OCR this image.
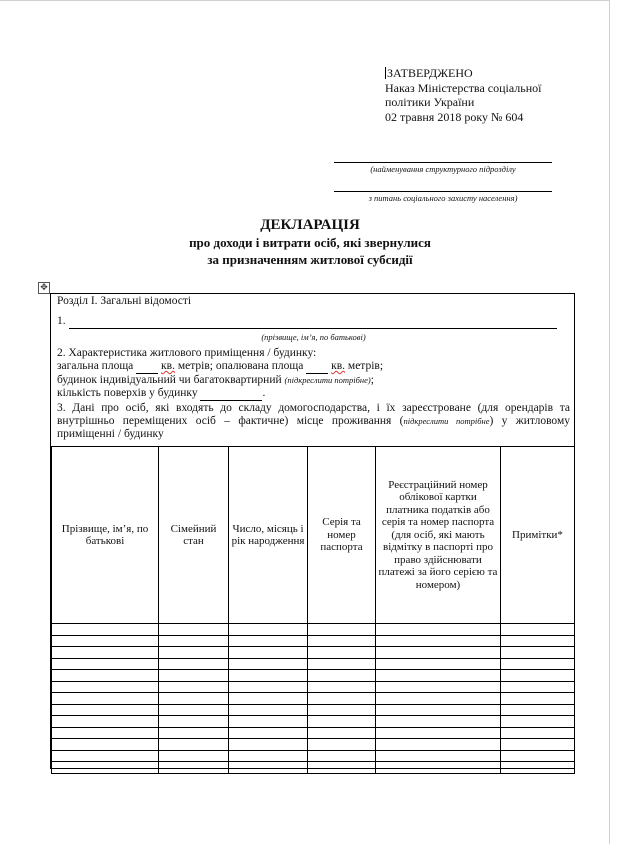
ЗАТВЕРДЖЕНО
Наказ Міністерства соціальної
політики України
02 травня 2018 року № 604
(найменування структурного підрозділу
з питань соціального захисту населення)
ДЕКЛАРАЦІЯ
про доходи і витрати осіб, які звернулися
за призначенням житлової субсидії
✥
Розділ І. Загальні відомості
1.
(прізвище, ім’я, по батькові)
2. Характеристика житлового приміщення / будинку:
загальна площа кв. метрів; опалювана площа кв. метрів;
будинок індивідуальний чи багатоквартирний (підкреслити потрібне);
кількість поверхів у будинку	.
3. Дані про осіб, які входять до складу домогосподарства, і їх зареєстроване (для орендарів та внутрішньо переміщених осіб – фактичне) місце проживання (підкреслити потрібне) у житловому приміщенні / будинку
Прізвище, ім’я, по батькові	Сімейний стан	Число, місяць і рік народження	Серія та номер паспорта	Реєстраційний номер облікової картки платника податків або серія та номер паспорта (для осіб, які мають відмітку в паспорті про право здійснювати платежі за його серією та номером)	Примітки*
